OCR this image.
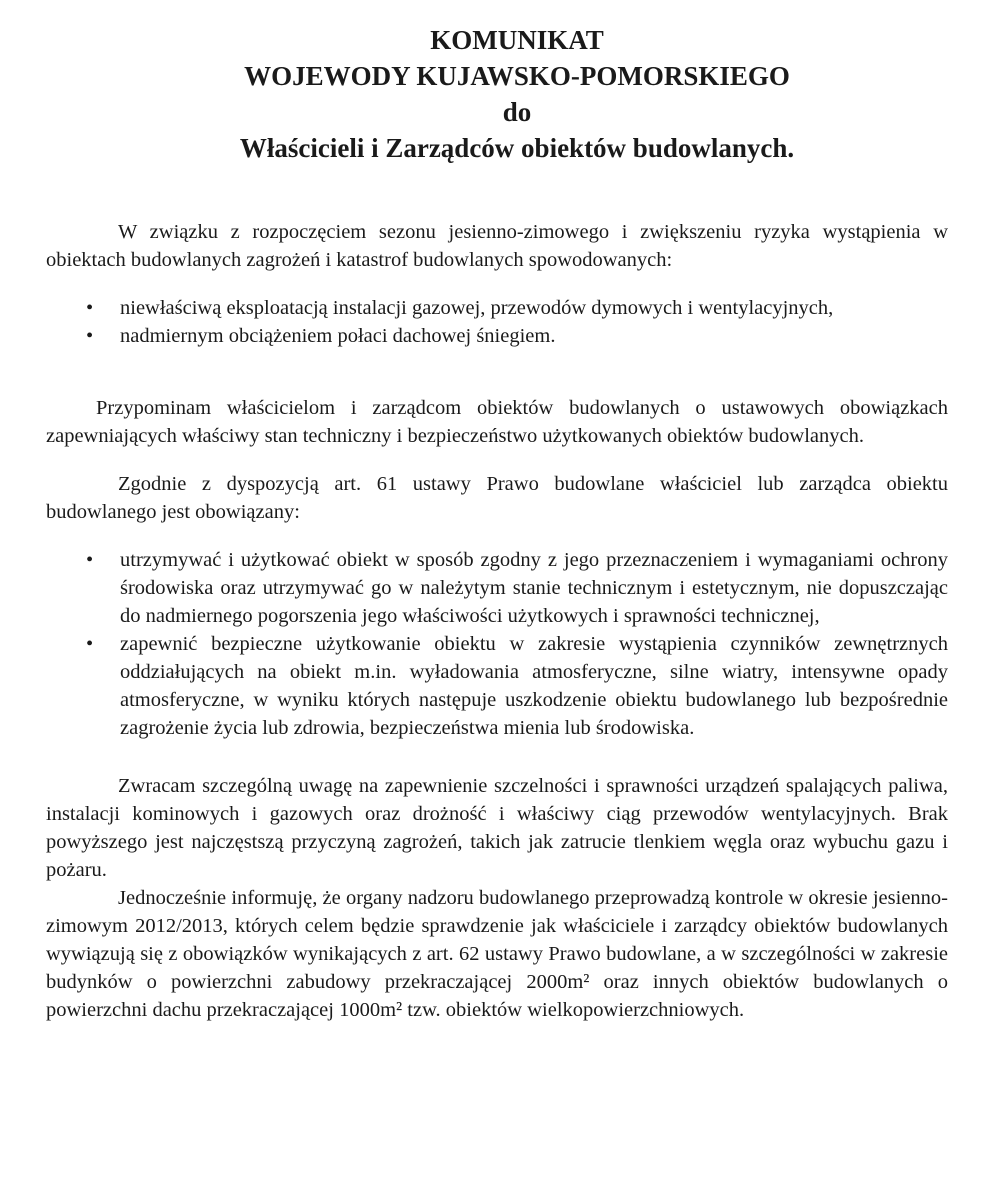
KOMUNIKAT
WOJEWODY KUJAWSKO-POMORSKIEGO
do
Właścicieli i Zarządców obiektów budowlanych.

W związku z rozpoczęciem sezonu jesienno-zimowego i zwiększeniu ryzyka wystąpienia w obiektach budowlanych zagrożeń i katastrof budowlanych spowodowanych:

• niewłaściwą eksploatacją instalacji gazowej, przewodów dymowych i wentylacyjnych,
• nadmiernym obciążeniem połaci dachowej śniegiem.

Przypominam właścicielom i zarządcom obiektów budowlanych o ustawowych obowiązkach zapewniających właściwy stan techniczny i bezpieczeństwo użytkowanych obiektów budowlanych.

Zgodnie z dyspozycją art. 61 ustawy Prawo budowlane właściciel lub zarządca obiektu budowlanego jest obowiązany:

• utrzymywać i użytkować obiekt w sposób zgodny z jego przeznaczeniem i wymaganiami ochrony środowiska oraz utrzymywać go w należytym stanie technicznym i estetycznym, nie dopuszczając do nadmiernego pogorszenia jego właściwości użytkowych i sprawności technicznej,
• zapewnić bezpieczne użytkowanie obiektu w zakresie wystąpienia czynników zewnętrznych oddziałujących na obiekt m.in. wyładowania atmosferyczne, silne wiatry, intensywne opady atmosferyczne, w wyniku których następuje uszkodzenie obiektu budowlanego lub bezpośrednie zagrożenie życia lub zdrowia, bezpieczeństwa mienia lub środowiska.

Zwracam szczególną uwagę na zapewnienie szczelności i sprawności urządzeń spalających paliwa, instalacji kominowych i gazowych oraz drożność i właściwy ciąg przewodów wentylacyjnych. Brak powyższego jest najczęstszą przyczyną zagrożeń, takich jak zatrucie tlenkiem węgla oraz wybuchu gazu i pożaru.

Jednocześnie informuję, że organy nadzoru budowlanego przeprowadzą kontrole w okresie jesienno-zimowym 2012/2013, których celem będzie sprawdzenie jak właściciele i zarządcy obiektów budowlanych wywiązują się z obowiązków wynikających z art. 62 ustawy Prawo budowlane, a w szczególności w zakresie budynków o powierzchni zabudowy przekraczającej 2000m² oraz innych obiektów budowlanych o powierzchni dachu przekraczającej 1000m² tzw. obiektów wielkopowierzchniowych.
